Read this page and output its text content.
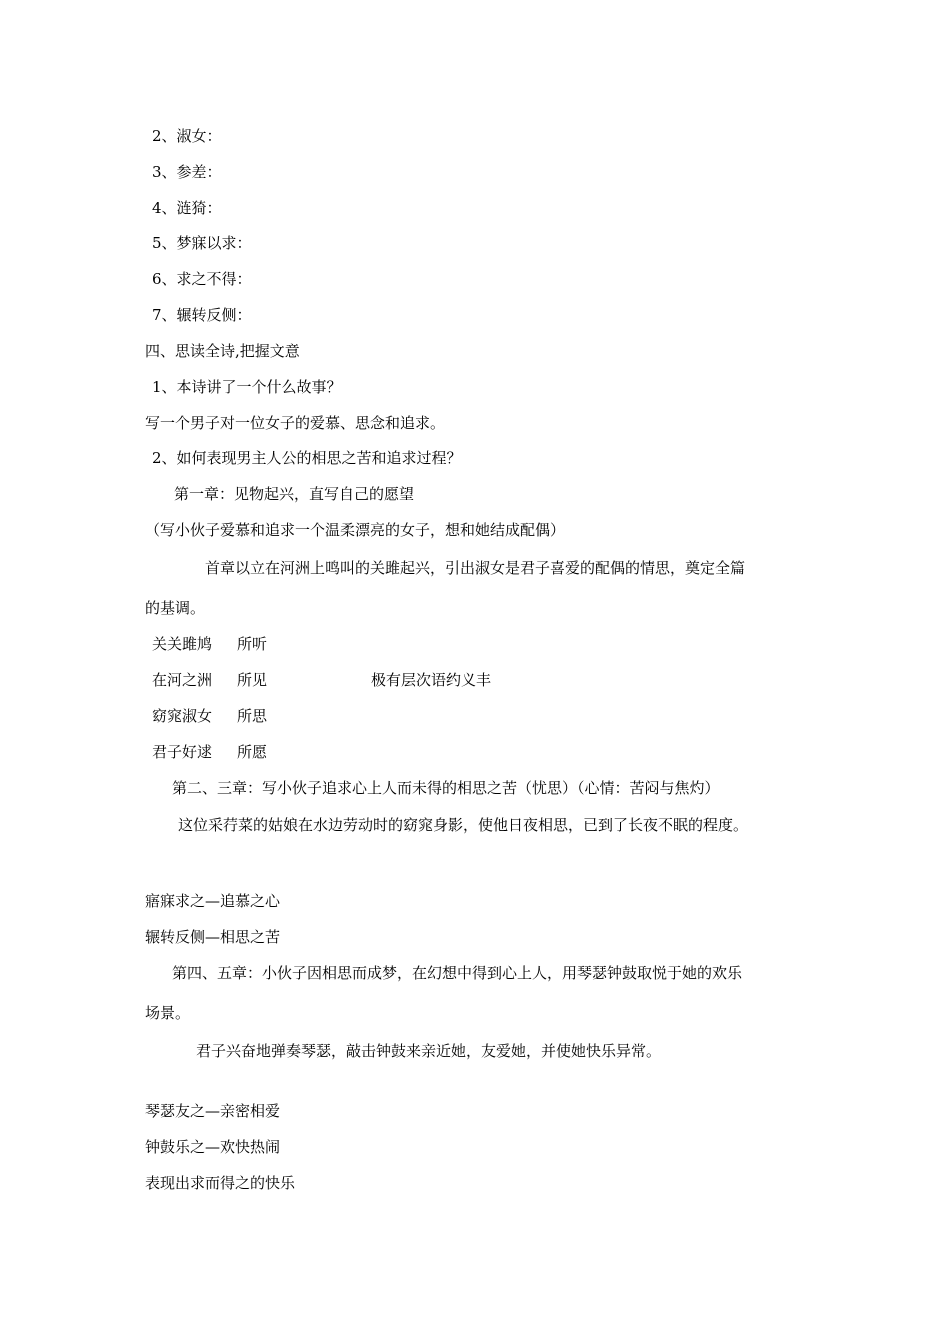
2、淑女：
3、参差：
4、涟猗：
5、梦寐以求：
6、求之不得：
7、辗转反侧：
四、思读全诗,把握文意
1、本诗讲了一个什么故事？
写一个男子对一位女子的爱慕、思念和追求。
2、如何表现男主人公的相思之苦和追求过程？
第一章：见物起兴，直写自己的愿望
（写小伙子爱慕和追求一个温柔漂亮的女子，想和她结成配偶）
首章以立在河洲上鸣叫的关雎起兴，引出淑女是君子喜爱的配偶的情思，奠定全篇
的基调。
关关雎鸠 所听
在河之洲 所见	极有层次语约义丰
窈窕淑女 所思
君子好逑 所愿
第二、三章：写小伙子追求心上人而未得的相思之苦（忧思）（心情：苦闷与焦灼）
这位采荇菜的姑娘在水边劳动时的窈窕身影，使他日夜相思，已到了长夜不眠的程度。
寤寐求之—追慕之心
辗转反侧—相思之苦
第四、五章：小伙子因相思而成梦，在幻想中得到心上人，用琴瑟钟鼓取悦于她的欢乐
场景。
君子兴奋地弹奏琴瑟，敲击钟鼓来亲近她，友爱她，并使她快乐异常。
琴瑟友之—亲密相爱
钟鼓乐之—欢快热闹
表现出求而得之的快乐
